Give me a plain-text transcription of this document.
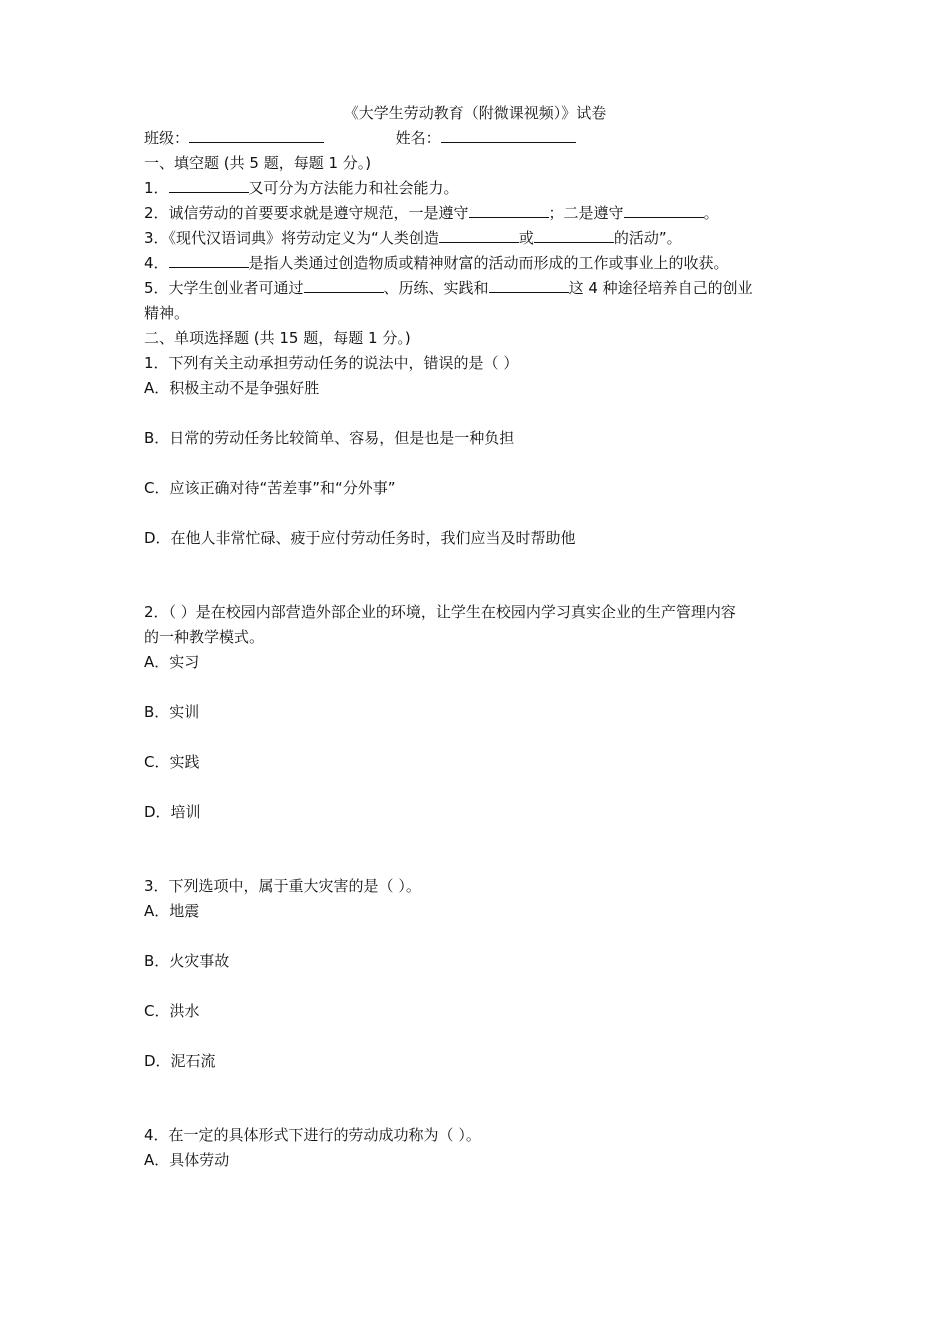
《大学生劳动教育（附微课视频）》试卷
班级：	姓名：
一、填空题 (共 5 题，每题 1 分。)
1．	又可分为方法能力和社会能力。
2．诚信劳动的首要要求就是遵守规范，一是遵守	；二是遵守	。
3．《现代汉语词典》将劳动定义为“人类创造	或	的活动”。
4．	是指人类通过创造物质或精神财富的活动而形成的工作或事业上的收获。
5．大学生创业者可通过	、历练、实践和	这 4 种途径培养自己的创业
精神。
二、单项选择题 (共 15 题，每题 1 分。)
1．下列有关主动承担劳动任务的说法中，错误的是（ ）
A．积极主动不是争强好胜
B．日常的劳动任务比较简单、容易，但是也是一种负担
C．应该正确对待“苦差事”和“分外事”
D．在他人非常忙碌、疲于应付劳动任务时，我们应当及时帮助他
2．（ ）是在校园内部营造外部企业的环境，让学生在校园内学习真实企业的生产管理内容
的一种教学模式。
A．实习
B．实训
C．实践
D．培训
3．下列选项中，属于重大灾害的是（ ）。
A．地震
B．火灾事故
C．洪水
D．泥石流
4．在一定的具体形式下进行的劳动成功称为（ ）。
A．具体劳动
